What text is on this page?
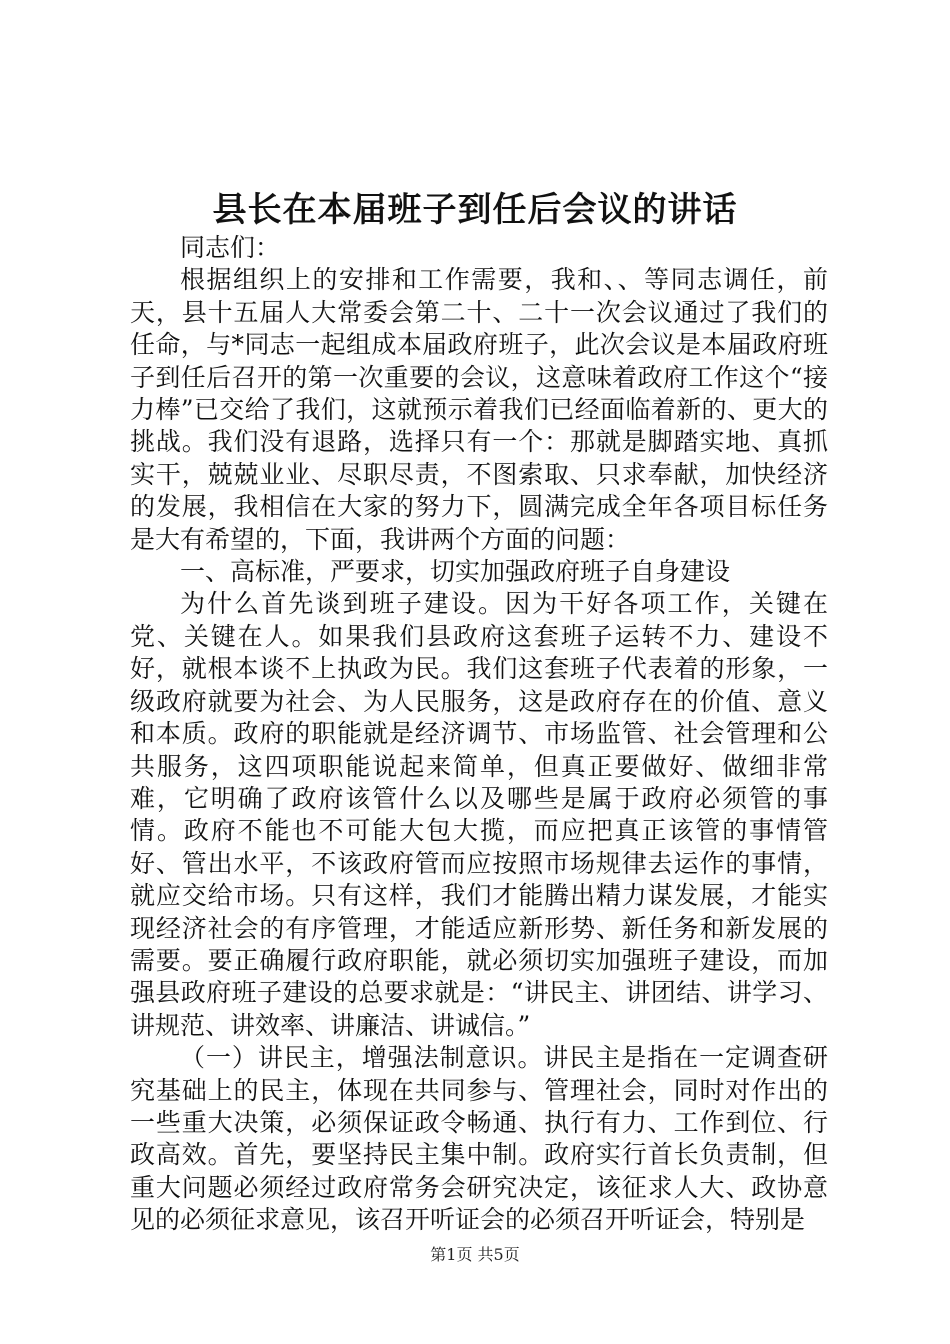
县长在本届班子到任后会议的讲话

同志们：

根据组织上的安排和工作需要，我和、、等同志调任，前天，县十五届人大常委会第二十、二十一次会议通过了我们的任命，与*同志一起组成本届政府班子，此次会议是本届政府班子到任后召开的第一次重要的会议，这意味着政府工作这个“接力棒”已交给了我们，这就预示着我们已经面临着新的、更大的挑战。我们没有退路，选择只有一个：那就是脚踏实地、真抓实干，兢兢业业、尽职尽责，不图索取、只求奉献，加快经济的发展，我相信在大家的努力下，圆满完成全年各项目标任务是大有希望的，下面，我讲两个方面的问题：

一、高标准，严要求，切实加强政府班子自身建设

为什么首先谈到班子建设。因为干好各项工作，关键在党、关键在人。如果我们县政府这套班子运转不力、建设不好，就根本谈不上执政为民。我们这套班子代表着的形象，一级政府就要为社会、为人民服务，这是政府存在的价值、意义和本质。政府的职能就是经济调节、市场监管、社会管理和公共服务，这四项职能说起来简单，但真正要做好、做细非常难，它明确了政府该管什么以及哪些是属于政府必须管的事情。政府不能也不可能大包大揽，而应把真正该管的事情管好、管出水平，不该政府管而应按照市场规律去运作的事情，就应交给市场。只有这样，我们才能腾出精力谋发展，才能实现经济社会的有序管理，才能适应新形势、新任务和新发展的需要。要正确履行政府职能，就必须切实加强班子建设，而加强县政府班子建设的总要求就是：“讲民主、讲团结、讲学习、讲规范、讲效率、讲廉洁、讲诚信。”

（一）讲民主，增强法制意识。讲民主是指在一定调查研究基础上的民主，体现在共同参与、管理社会，同时对作出的一些重大决策，必须保证政令畅通、执行有力、工作到位、行政高效。首先，要坚持民主集中制。政府实行首长负责制，但重大问题必须经过政府常务会研究决定，该征求人大、政协意见的必须征求意见，该召开听证会的必须召开听证会，特别是

第1页 共5页
